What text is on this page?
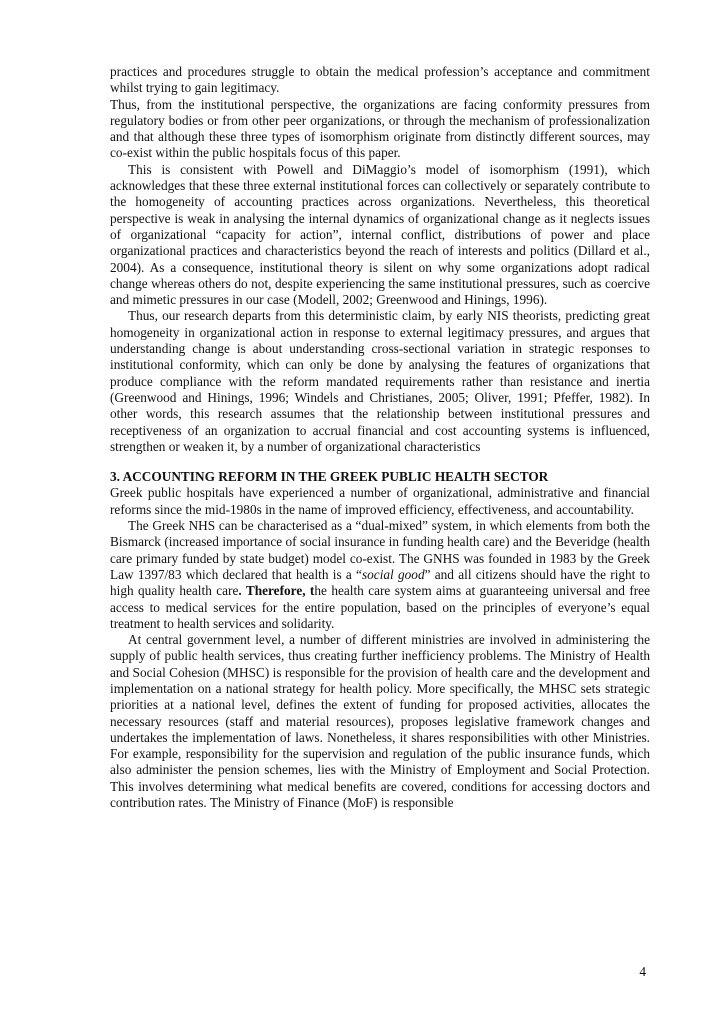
practices and procedures struggle to obtain the medical profession’s acceptance and commitment whilst trying to gain legitimacy.

Thus, from the institutional perspective, the organizations are facing conformity pressures from regulatory bodies or from other peer organizations, or through the mechanism of professionalization and that although these three types of isomorphism originate from distinctly different sources, may co-exist within the public hospitals focus of this paper.

This is consistent with Powell and DiMaggio’s model of isomorphism (1991), which acknowledges that these three external institutional forces can collectively or separately contribute to the homogeneity of accounting practices across organizations. Nevertheless, this theoretical perspective is weak in analysing the internal dynamics of organizational change as it neglects issues of organizational “capacity for action”, internal conflict, distributions of power and place organizational practices and characteristics beyond the reach of interests and politics (Dillard et al., 2004). As a consequence, institutional theory is silent on why some organizations adopt radical change whereas others do not, despite experiencing the same institutional pressures, such as coercive and mimetic pressures in our case (Modell, 2002; Greenwood and Hinings, 1996).

Thus, our research departs from this deterministic claim, by early NIS theorists, predicting great homogeneity in organizational action in response to external legitimacy pressures, and argues that understanding change is about understanding cross-sectional variation in strategic responses to institutional conformity, which can only be done by analysing the features of organizations that produce compliance with the reform mandated requirements rather than resistance and inertia (Greenwood and Hinings, 1996; Windels and Christianes, 2005; Oliver, 1991; Pfeffer, 1982). In other words, this research assumes that the relationship between institutional pressures and receptiveness of an organization to accrual financial and cost accounting systems is influenced, strengthen or weaken it, by a number of organizational characteristics

3. ACCOUNTING REFORM IN THE GREEK PUBLIC HEALTH SECTOR

Greek public hospitals have experienced a number of organizational, administrative and financial reforms since the mid-1980s in the name of improved efficiency, effectiveness, and accountability.

The Greek NHS can be characterised as a “dual-mixed” system, in which elements from both the Bismarck (increased importance of social insurance in funding health care) and the Beveridge (health care primary funded by state budget) model co-exist. The GNHS was founded in 1983 by the Greek Law 1397/83 which declared that health is a “social good” and all citizens should have the right to high quality health care. Therefore, the health care system aims at guaranteeing universal and free access to medical services for the entire population, based on the principles of everyone’s equal treatment to health services and solidarity.

At central government level, a number of different ministries are involved in administering the supply of public health services, thus creating further inefficiency problems. The Ministry of Health and Social Cohesion (MHSC) is responsible for the provision of health care and the development and implementation on a national strategy for health policy. More specifically, the MHSC sets strategic priorities at a national level, defines the extent of funding for proposed activities, allocates the necessary resources (staff and material resources), proposes legislative framework changes and undertakes the implementation of laws. Nonetheless, it shares responsibilities with other Ministries. For example, responsibility for the supervision and regulation of the public insurance funds, which also administer the pension schemes, lies with the Ministry of Employment and Social Protection. This involves determining what medical benefits are covered, conditions for accessing doctors and contribution rates. The Ministry of Finance (MoF) is responsible

4
